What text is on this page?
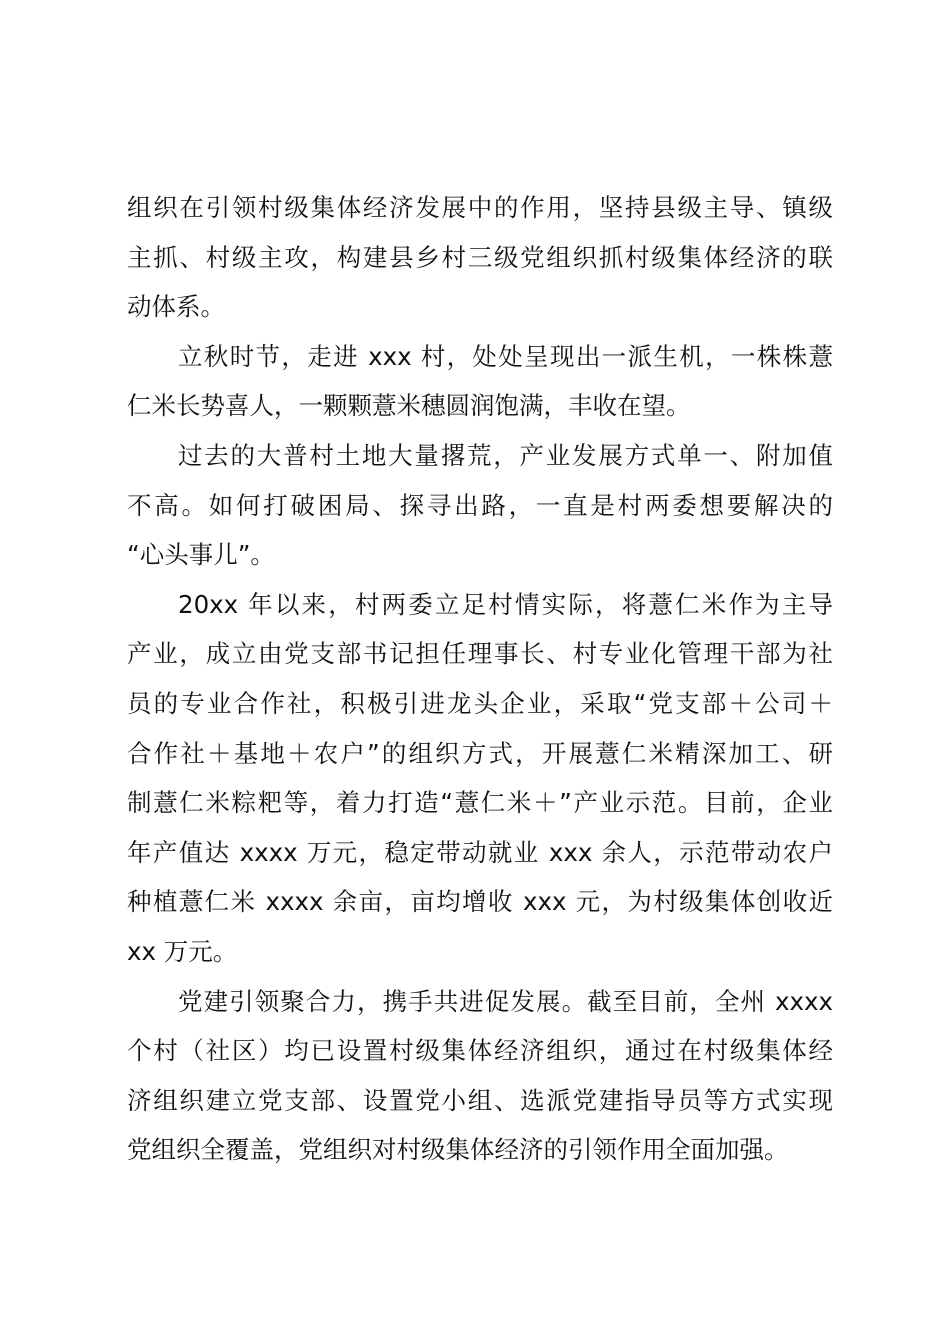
组织在引领村级集体经济发展中的作用，坚持县级主导、镇级
主抓、村级主攻，构建县乡村三级党组织抓村级集体经济的联
动体系。
立秋时节，走进 xxx 村，处处呈现出一派生机，一株株薏
仁米长势喜人，一颗颗薏米穗圆润饱满，丰收在望。
过去的大普村土地大量撂荒，产业发展方式单一、附加值
不高。如何打破困局、探寻出路，一直是村两委想要解决的
“心头事儿”。
20xx 年以来，村两委立足村情实际，将薏仁米作为主导
产业，成立由党支部书记担任理事长、村专业化管理干部为社
员的专业合作社，积极引进龙头企业，采取“党支部＋公司＋
合作社＋基地＋农户”的组织方式，开展薏仁米精深加工、研
制薏仁米粽粑等，着力打造“薏仁米＋”产业示范。目前，企业
年产值达 xxxx 万元，稳定带动就业 xxx 余人，示范带动农户
种植薏仁米 xxxx 余亩，亩均增收 xxx 元，为村级集体创收近
xx 万元。
党建引领聚合力，携手共进促发展。截至目前，全州 xxxx
个村（社区）均已设置村级集体经济组织，通过在村级集体经
济组织建立党支部、设置党小组、选派党建指导员等方式实现
党组织全覆盖，党组织对村级集体经济的引领作用全面加强。
